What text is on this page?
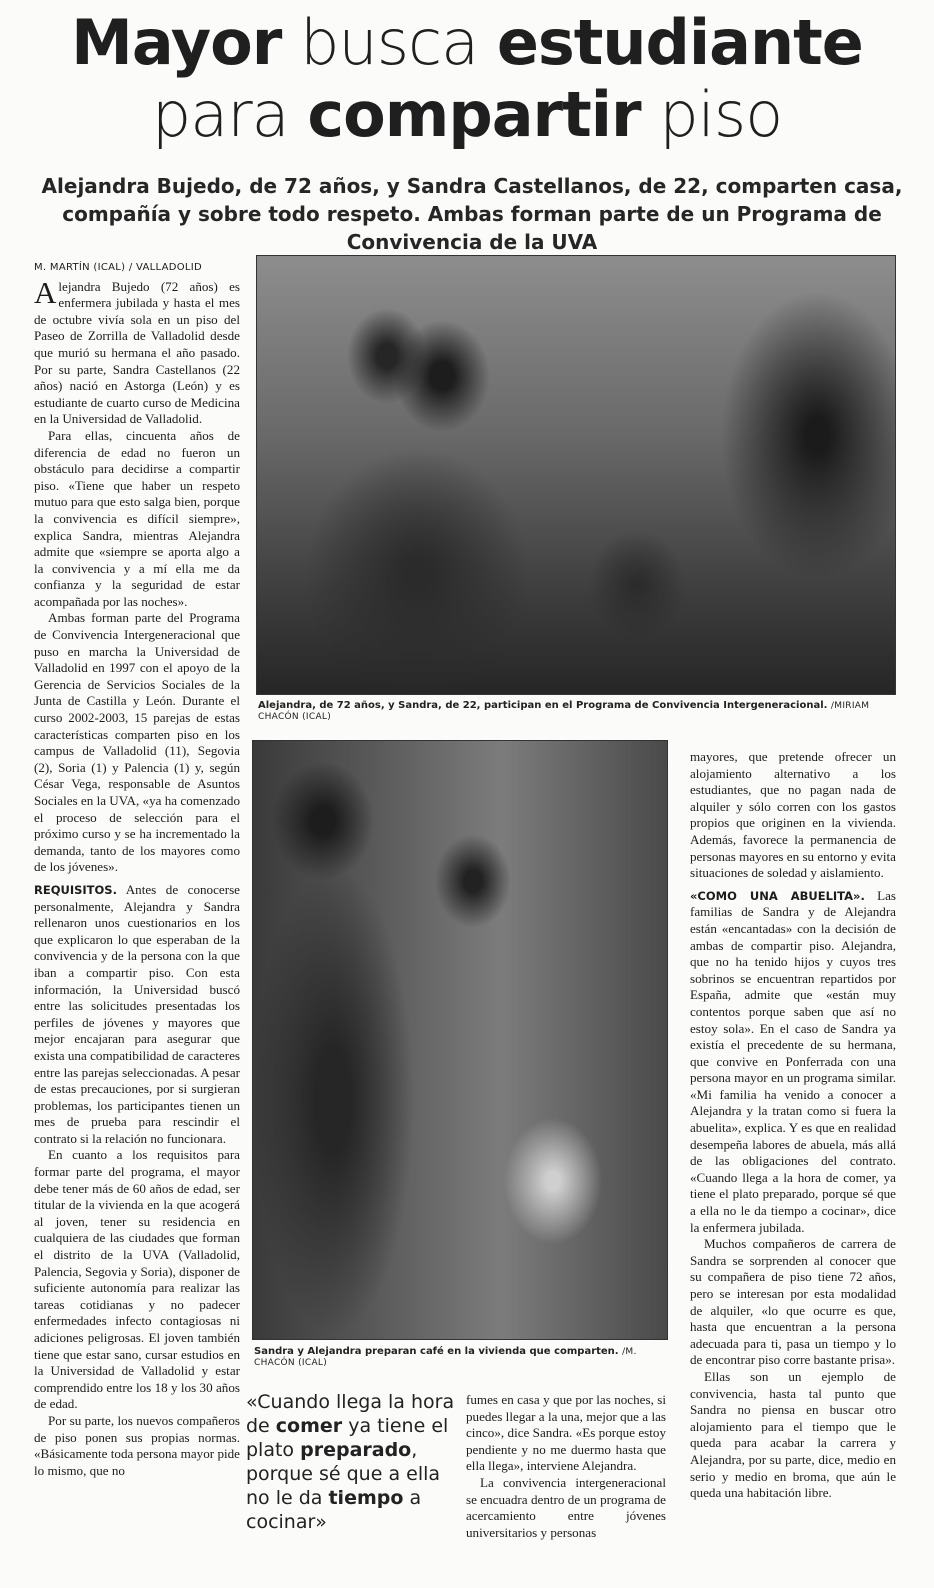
Mayor busca estudiante
para compartir piso

Alejandra Bujedo, de 72 años, y Sandra Castellanos, de 22, comparten casa, compañía y sobre todo respeto. Ambas forman parte de un Programa de Convivencia de la UVA

M. MARTÍN (ICAL) / VALLADOLID

Alejandra Bujedo (72 años) es enfermera jubilada y hasta el mes de octubre vivía sola en un piso del Paseo de Zorrilla de Valladolid desde que murió su hermana el año pasado. Por su parte, Sandra Castellanos (22 años) nació en Astorga (León) y es estudiante de cuarto curso de Medicina en la Universidad de Valladolid.

Para ellas, cincuenta años de diferencia de edad no fueron un obstáculo para decidirse a compartir piso. «Tiene que haber un respeto mutuo para que esto salga bien, porque la convivencia es difícil siempre», explica Sandra, mientras Alejandra admite que «siempre se aporta algo a la convivencia y a mí ella me da confianza y la seguridad de estar acompañada por las noches».

Ambas forman parte del Programa de Convivencia Intergeneracional que puso en marcha la Universidad de Valladolid en 1997 con el apoyo de la Gerencia de Servicios Sociales de la Junta de Castilla y León. Durante el curso 2002-2003, 15 parejas de estas características comparten piso en los campus de Valladolid (11), Segovia (2), Soria (1) y Palencia (1) y, según César Vega, responsable de Asuntos Sociales en la UVA, «ya ha comenzado el proceso de selección para el próximo curso y se ha incrementado la demanda, tanto de los mayores como de los jóvenes».

REQUISITOS. Antes de conocerse personalmente, Alejandra y Sandra rellenaron unos cuestionarios en los que explicaron lo que esperaban de la convivencia y de la persona con la que iban a compartir piso. Con esta información, la Universidad buscó entre las solicitudes presentadas los perfiles de jóvenes y mayores que mejor encajaran para asegurar que exista una compatibilidad de caracteres entre las parejas seleccionadas. A pesar de estas precauciones, por si surgieran problemas, los participantes tienen un mes de prueba para rescindir el contrato si la relación no funcionara.

En cuanto a los requisitos para formar parte del programa, el mayor debe tener más de 60 años de edad, ser titular de la vivienda en la que acogerá al joven, tener su residencia en cualquiera de las ciudades que forman el distrito de la UVA (Valladolid, Palencia, Segovia y Soria), disponer de suficiente autonomía para realizar las tareas cotidianas y no padecer enfermedades infecto contagiosas ni adiciones peligrosas. El joven también tiene que estar sano, cursar estudios en la Universidad de Valladolid y estar comprendido entre los 18 y los 30 años de edad.

Por su parte, los nuevos compañeros de piso ponen sus propias normas. «Básicamente toda persona mayor pide lo mismo, que no

Alejandra, de 72 años, y Sandra, de 22, participan en el Programa de Convivencia Intergeneracional. /MIRIAM CHACÓN (ICAL)

Sandra y Alejandra preparan café en la vivienda que comparten. /M. CHACÓN (ICAL)

«Cuando llega la hora de comer ya tiene el plato preparado, porque sé que a ella no le da tiempo a cocinar»

fumes en casa y que por las noches, si puedes llegar a la una, mejor que a las cinco», dice Sandra. «Es porque estoy pendiente y no me duermo hasta que ella llega», interviene Alejandra.

La convivencia intergeneracional se encuadra dentro de un programa de acercamiento entre jóvenes universitarios y personas

mayores, que pretende ofrecer un alojamiento alternativo a los estudiantes, que no pagan nada de alquiler y sólo corren con los gastos propios que originen en la vivienda. Además, favorece la permanencia de personas mayores en su entorno y evita situaciones de soledad y aislamiento.

«COMO UNA ABUELITA». Las familias de Sandra y de Alejandra están «encantadas» con la decisión de ambas de compartir piso. Alejandra, que no ha tenido hijos y cuyos tres sobrinos se encuentran repartidos por España, admite que «están muy contentos porque saben que así no estoy sola». En el caso de Sandra ya existía el precedente de su hermana, que convive en Ponferrada con una persona mayor en un programa similar. «Mi familia ha venido a conocer a Alejandra y la tratan como si fuera la abuelita», explica. Y es que en realidad desempeña labores de abuela, más allá de las obligaciones del contrato. «Cuando llega a la hora de comer, ya tiene el plato preparado, porque sé que a ella no le da tiempo a cocinar», dice la enfermera jubilada.

Muchos compañeros de carrera de Sandra se sorprenden al conocer que su compañera de piso tiene 72 años, pero se interesan por esta modalidad de alquiler, «lo que ocurre es que, hasta que encuentran a la persona adecuada para ti, pasa un tiempo y lo de encontrar piso corre bastante prisa».

Ellas son un ejemplo de convivencia, hasta tal punto que Sandra no piensa en buscar otro alojamiento para el tiempo que le queda para acabar la carrera y Alejandra, por su parte, dice, medio en serio y medio en broma, que aún le queda una habitación libre.
